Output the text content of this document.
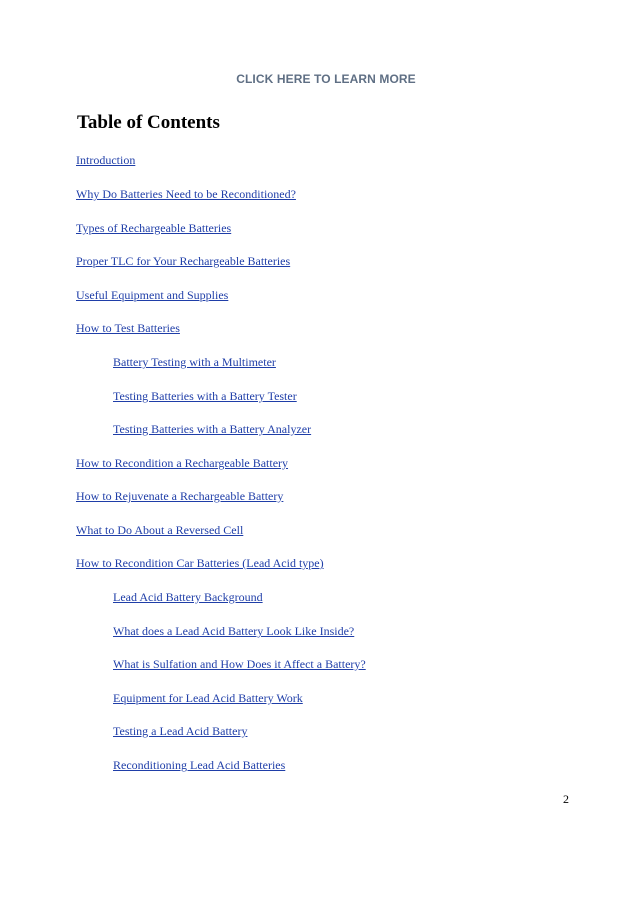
CLICK HERE TO LEARN MORE
Table of Contents
Introduction
Why Do Batteries Need to be Reconditioned?
Types of Rechargeable Batteries
Proper TLC for Your Rechargeable Batteries
Useful Equipment and Supplies
How to Test Batteries
Battery Testing with a Multimeter
Testing Batteries with a Battery Tester
Testing Batteries with a Battery Analyzer
How to Recondition a Rechargeable Battery
How to Rejuvenate a Rechargeable Battery
What to Do About a Reversed Cell
How to Recondition Car Batteries (Lead Acid type)
Lead Acid Battery Background
What does a Lead Acid Battery Look Like Inside?
What is Sulfation and How Does it Affect a Battery?
Equipment for Lead Acid Battery Work
Testing a Lead Acid Battery
Reconditioning Lead Acid Batteries
2
